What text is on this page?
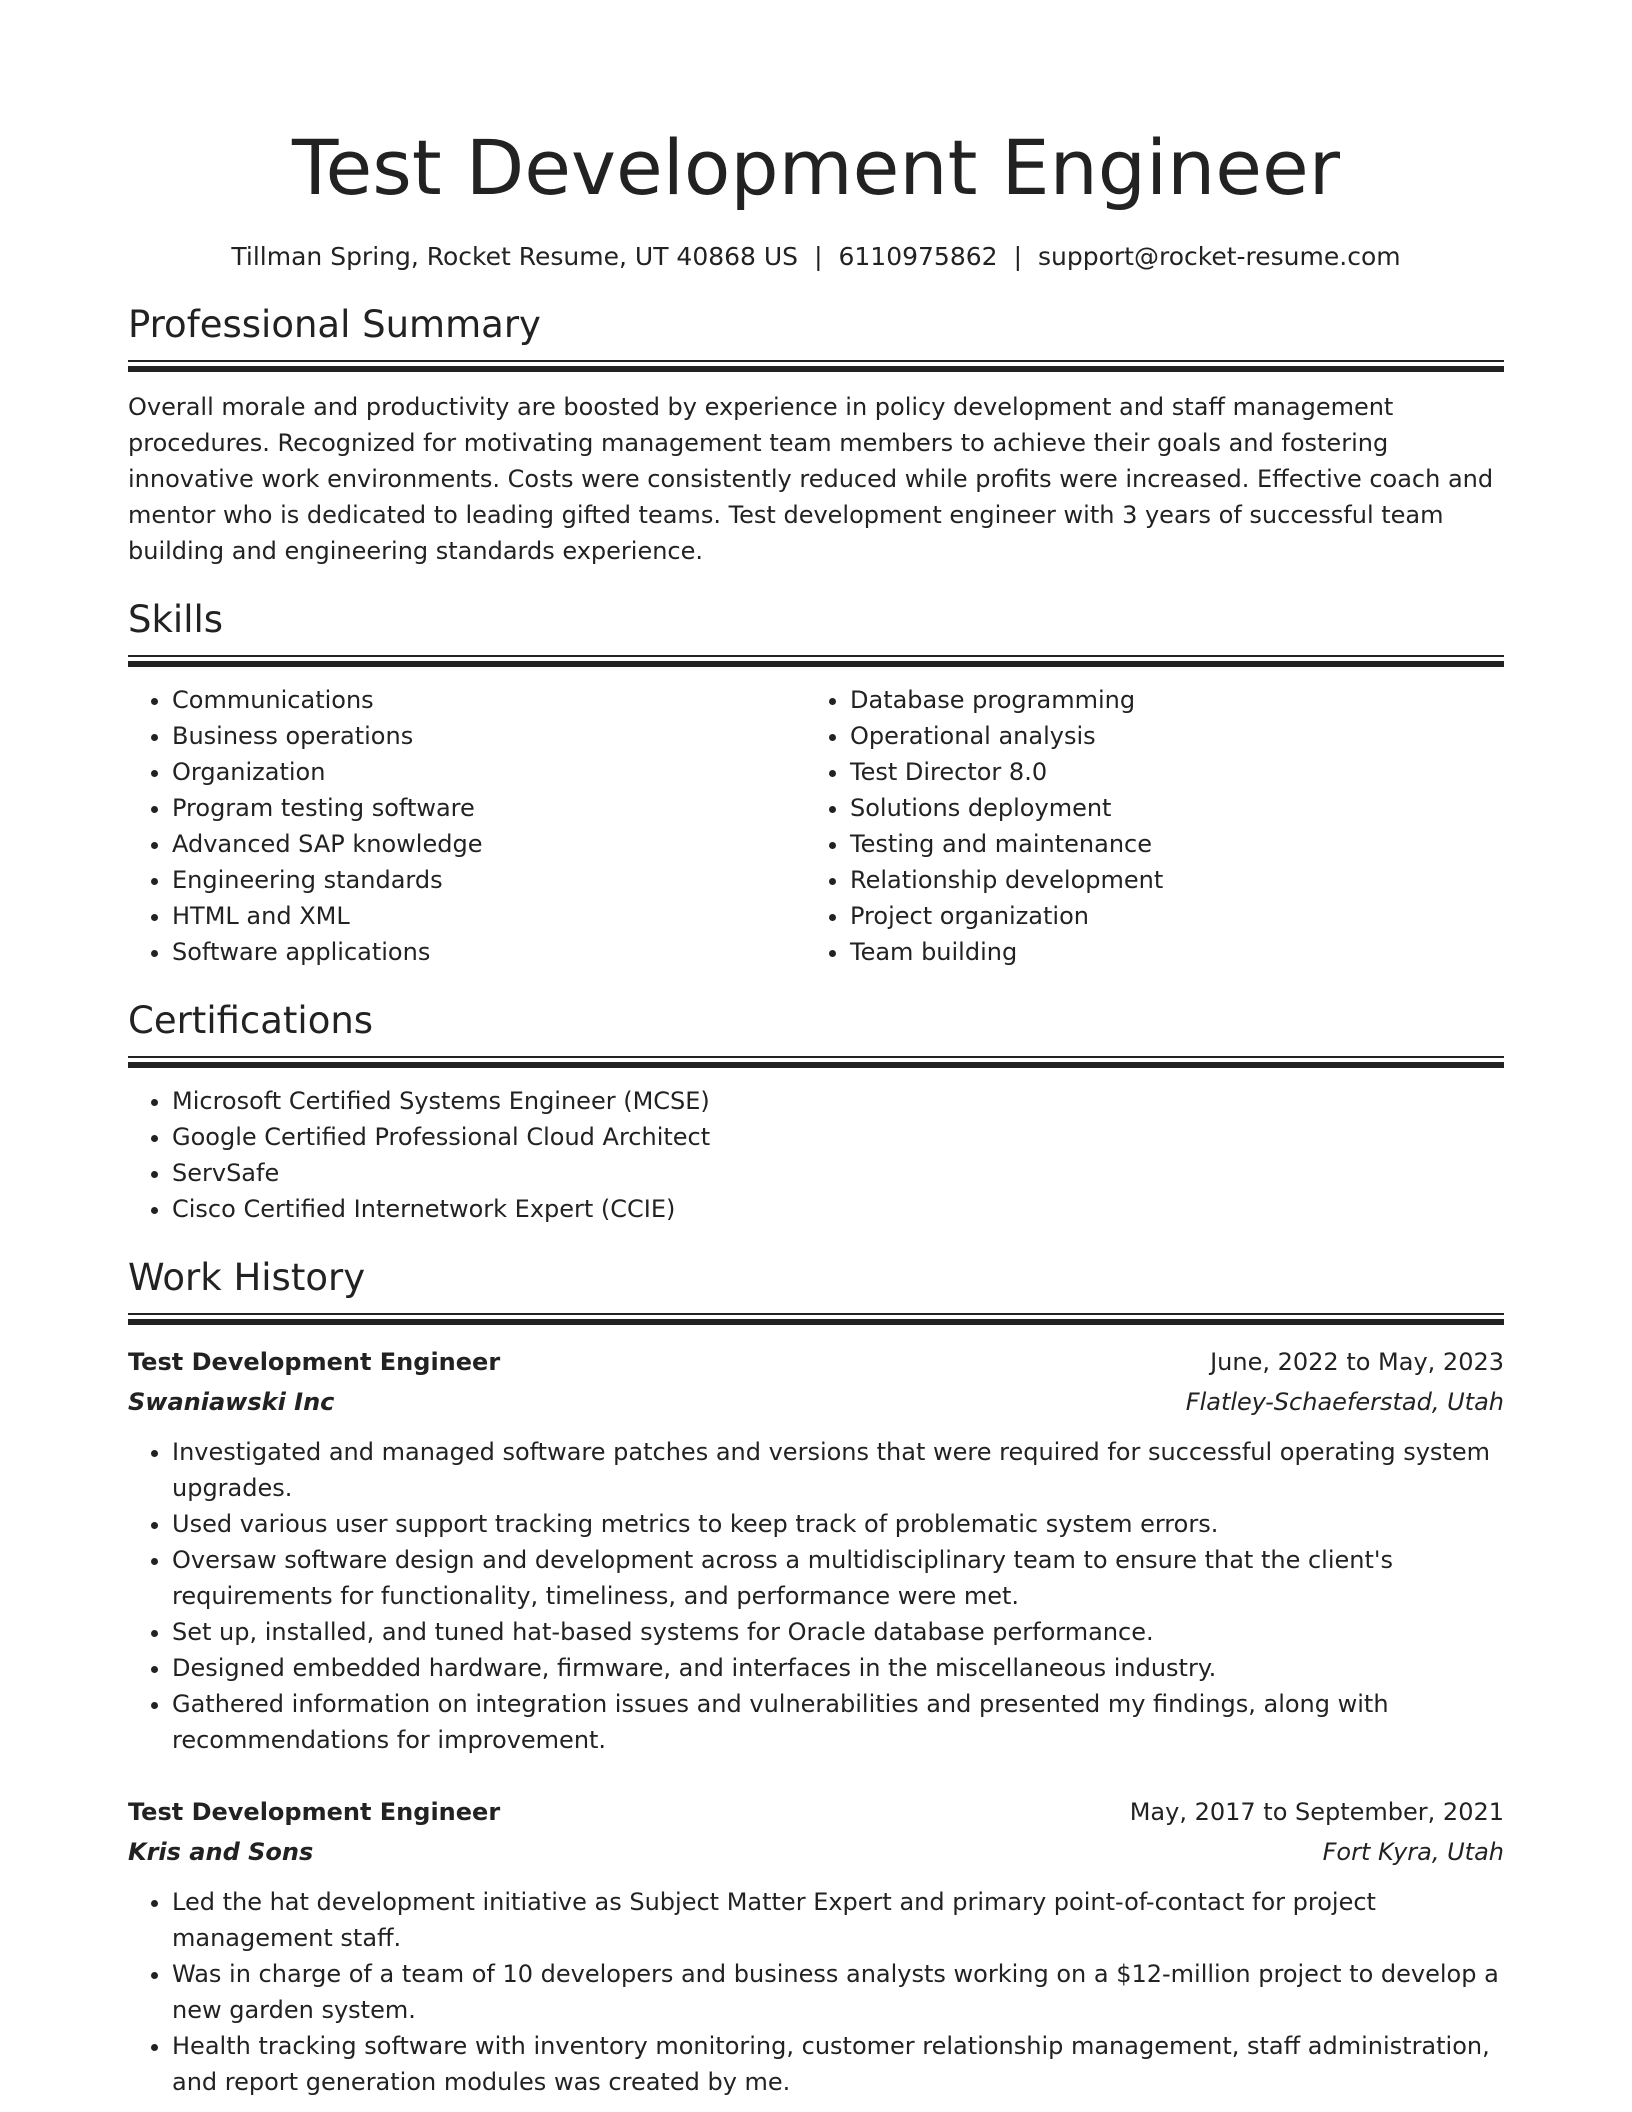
Test Development Engineer
Tillman Spring, Rocket Resume, UT 40868 US | 6110975862 | support@rocket-resume.com
Professional Summary

Overall morale and productivity are boosted by experience in policy development and staff management procedures. Recognized for motivating management team members to achieve their goals and fostering innovative work environments. Costs were consistently reduced while profits were increased. Effective coach and mentor who is dedicated to leading gifted teams. Test development engineer with 3 years of successful team building and engineering standards experience.

Skills
• Communications
• Business operations
• Organization
• Program testing software
• Advanced SAP knowledge
• Engineering standards
• HTML and XML
• Software applications
• Database programming
• Operational analysis
• Test Director 8.0
• Solutions deployment
• Testing and maintenance
• Relationship development
• Project organization
• Team building
Certifications
• Microsoft Certified Systems Engineer (MCSE)
• Google Certified Professional Cloud Architect
• ServSafe
• Cisco Certified Internetwork Expert (CCIE)
Work History
Test Development Engineer	June, 2022 to May, 2023
Swaniawski Inc	Flatley-Schaeferstad, Utah
• Investigated and managed software patches and versions that were required for successful operating system upgrades.
• Used various user support tracking metrics to keep track of problematic system errors.
• Oversaw software design and development across a multidisciplinary team to ensure that the client's requirements for functionality, timeliness, and performance were met.
• Set up, installed, and tuned hat-based systems for Oracle database performance.
• Designed embedded hardware, firmware, and interfaces in the miscellaneous industry.
• Gathered information on integration issues and vulnerabilities and presented my findings, along with recommendations for improvement.
Test Development Engineer	May, 2017 to September, 2021
Kris and Sons	Fort Kyra, Utah
• Led the hat development initiative as Subject Matter Expert and primary point-of-contact for project management staff.
• Was in charge of a team of 10 developers and business analysts working on a $12-million project to develop a new garden system.
• Health tracking software with inventory monitoring, customer relationship management, staff administration, and report generation modules was created by me.
